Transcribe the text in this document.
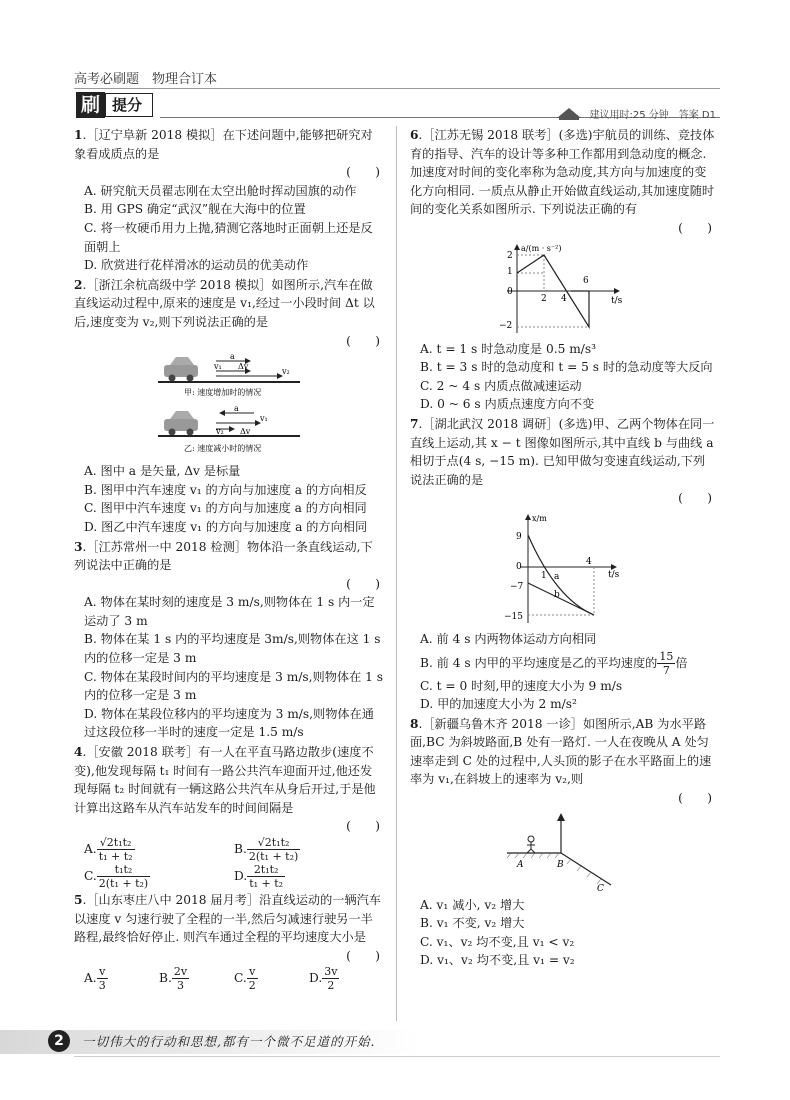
高考必刷题　物理合订本
刷 提分
建议用时:25 分钟　答案 D1
1.［辽宁阜新 2018 模拟］在下述问题中,能够把研究对象看成质点的是
(　　)
A. 研究航天员翟志刚在太空出舱时挥动国旗的动作
B. 用 GPS 确定“武汉”舰在大海中的位置
C. 将一枚硬币用力上抛,猜测它落地时正面朝上还是反面朝上
D. 欣赏进行花样滑冰的运动员的优美动作
2.［浙江余杭高级中学 2018 模拟］如图所示,汽车在做直线运动过程中,原来的速度是 v₁,经过一小段时间 Δt 以后,速度变为 v₂,则下列说法正确的是
(　　)
a
v₁ Δv
v₂
甲: 速度增加时的情况
a
v₁
v₂ Δv
乙: 速度减小时的情况
A. 图中 a 是矢量, Δv 是标量
B. 图甲中汽车速度 v₁ 的方向与加速度 a 的方向相反
C. 图甲中汽车速度 v₁ 的方向与加速度 a 的方向相同
D. 图乙中汽车速度 v₁ 的方向与加速度 a 的方向相同
3.［江苏常州一中 2018 检测］物体沿一条直线运动,下列说法中正确的是
(　　)
A. 物体在某时刻的速度是 3 m/s,则物体在 1 s 内一定运动了 3 m
B. 物体在某 1 s 内的平均速度是 3m/s,则物体在这 1 s 内的位移一定是 3 m
C. 物体在某段时间内的平均速度是 3 m/s,则物体在 1 s内的位移一定是 3 m
D. 物体在某段位移内的平均速度为 3 m/s,则物体在通过这段位移一半时的速度一定是 1.5 m/s
4.［安徽 2018 联考］有一人在平直马路边散步(速度不变),他发现每隔 t₁ 时间有一路公共汽车迎面开过,他还发现每隔 t₂ 时间就有一辆这路公共汽车从身后开过,于是他计算出这路车从汽车站发车的时间间隔是
(　　)
A. $\frac{\text{√2t₁t₂}}{\text{t₁ + t₂}}$	B. $\frac{\text{√2t₁t₂}}{\text{2(t₁ + t₂)}}$
C. $\frac{\text{t₁t₂}}{\text{2(t₁ + t₂)}}$	D. $\frac{\text{2t₁t₂}}{\text{t₁ + t₂}}$
5.［山东枣庄八中 2018 届月考］沿直线运动的一辆汽车以速度 v 匀速行驶了全程的一半,然后匀减速行驶另一半路程,最终恰好停止. 则汽车通过全程的平均速度大小是
(　　)
A. $\frac{v}{3}$	B. $\frac{2v}{3}$	C. $\frac{v}{2}$	D. $\frac{3v}{2}$
6.［江苏无锡 2018 联考］(多选)宇航员的训练、竞技体育的指导、汽车的设计等多种工作都用到急动度的概念. 加速度对时间的变化率称为急动度,其方向与加速度的变化方向相同. 一质点从静止开始做直线运动,其加速度随时间的变化关系如图所示. 下列说法正确的有
(　　)
a/(m · s⁻²)
t/s
2
1
0
−2
2 4
6
A. t = 1 s 时急动度是 0.5 m/s³
B. t = 3 s 时的急动度和 t = 5 s 时的急动度等大反向
C. 2 ~ 4 s 内质点做减速运动
D. 0 ~ 6 s 内质点速度方向不变
7.［湖北武汉 2018 调研］(多选)甲、乙两个物体在同一直线上运动,其 x − t 图像如图所示,其中直线 b 与曲线 a 相切于点(4 s, −15 m). 已知甲做匀变速直线运动,下列说法正确的是
(　　)
x/m
t/s
9
0
−7
−15
1
4
a
b
A. 前 4 s 内两物体运动方向相同
B. 前 4 s 内甲的平均速度是乙的平均速度的 $\frac{15}{7}$ 倍
C. t = 0 时刻,甲的速度大小为 9 m/s
D. 甲的加速度大小为 2 m/s²
8.［新疆乌鲁木齐 2018 一诊］如图所示,AB 为水平路面,BC 为斜坡路面,B 处有一路灯. 一人在夜晚从 A 处匀速率走到 C 处的过程中,人头顶的影子在水平路面上的速率为 v₁,在斜坡上的速率为 v₂,则
(　　)
A	B
C
A. v₁ 减小, v₂ 增大
B. v₁ 不变, v₂ 增大
C. v₁、v₂ 均不变,且 v₁ < v₂
D. v₁、v₂ 均不变,且 v₁ = v₂
2	一切伟大的行动和思想,都有一个微不足道的开始.
